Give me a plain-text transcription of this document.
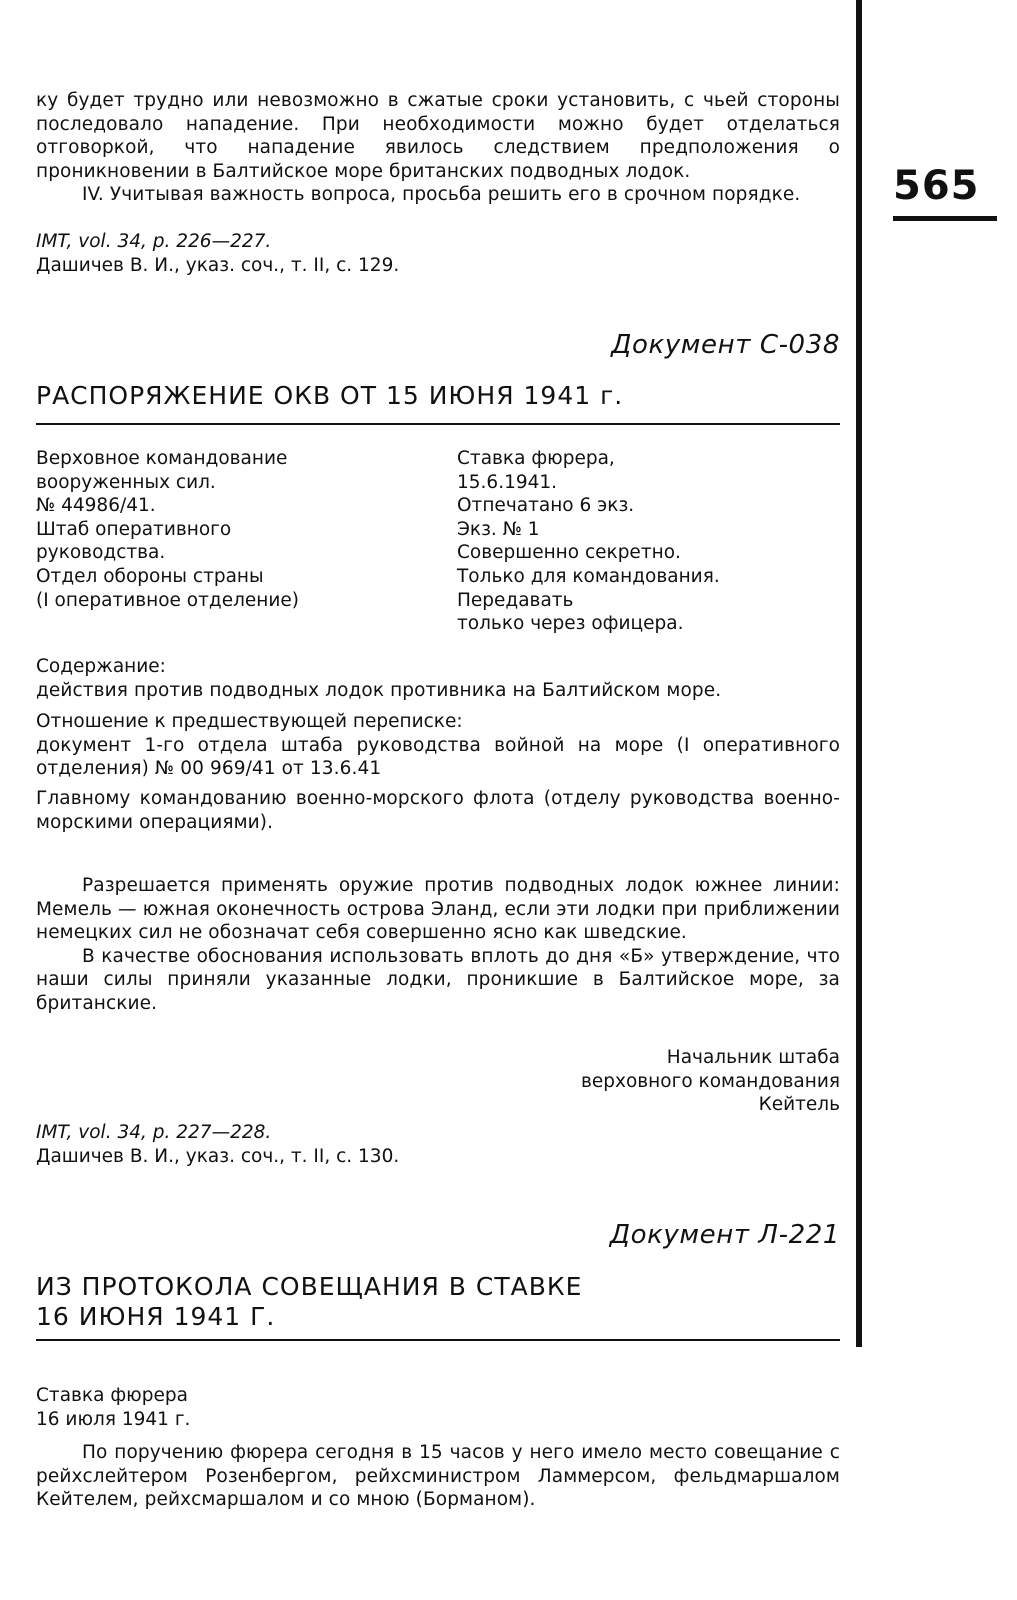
565

ку будет трудно или невозможно в сжатые сроки установить, с чьей стороны последовало нападение. При необходимости можно будет отделаться отговоркой, что нападение явилось следствием предположения о проникновении в Балтийское море британских подводных лодок.

IV. Учитывая важность вопроса, просьба решить его в срочном порядке.

IMT, vol. 34, p. 226—227.

Дашичев В. И., указ. соч., т. II, с. 129.

Документ С-038
РАСПОРЯЖЕНИЕ ОКВ ОТ 15 ИЮНЯ 1941 г.

Верховное командование

вооруженных сил.

№ 44986/41.

Штаб оперативного

руководства.

Отдел обороны страны

(I оперативное отделение)

Ставка фюрера,

15.6.1941.

Отпечатано 6 экз.

Экз. № 1

Совершенно секретно.

Только для командования.

Передавать

только через офицера.

Содержание:

действия против подводных лодок противника на Балтийском море.

Отношение к предшествующей переписке:

документ 1-го отдела штаба руководства войной на море (I оперативного отделения) № 00 969/41 от 13.6.41

Главному командованию военно-морского флота (отделу руководства военно-морскими операциями).

Разрешается применять оружие против подводных лодок южнее линии: Мемель — южная оконечность острова Эланд, если эти лодки при приближении немецких сил не обозначат себя совершенно ясно как шведские.

В качестве обоснования использовать вплоть до дня «Б» утверждение, что наши силы приняли указанные лодки, проникшие в Балтийское море, за британские.

Начальник штаба

верховного командования

Кейтель

IMT, vol. 34, p. 227—228.

Дашичев В. И., указ. соч., т. II, с. 130.

Документ Л-221

ИЗ ПРОТОКОЛА СОВЕЩАНИЯ В СТАВКЕ

16 ИЮНЯ 1941 Г.

Ставка фюрера

16 июля 1941 г.

По поручению фюрера сегодня в 15 часов у него имело место совещание с рейхслейтером Розенбергом, рейхсминистром Ламмерсом, фельдмаршалом Кейтелем, рейхсмаршалом и со мною (Борманом).
